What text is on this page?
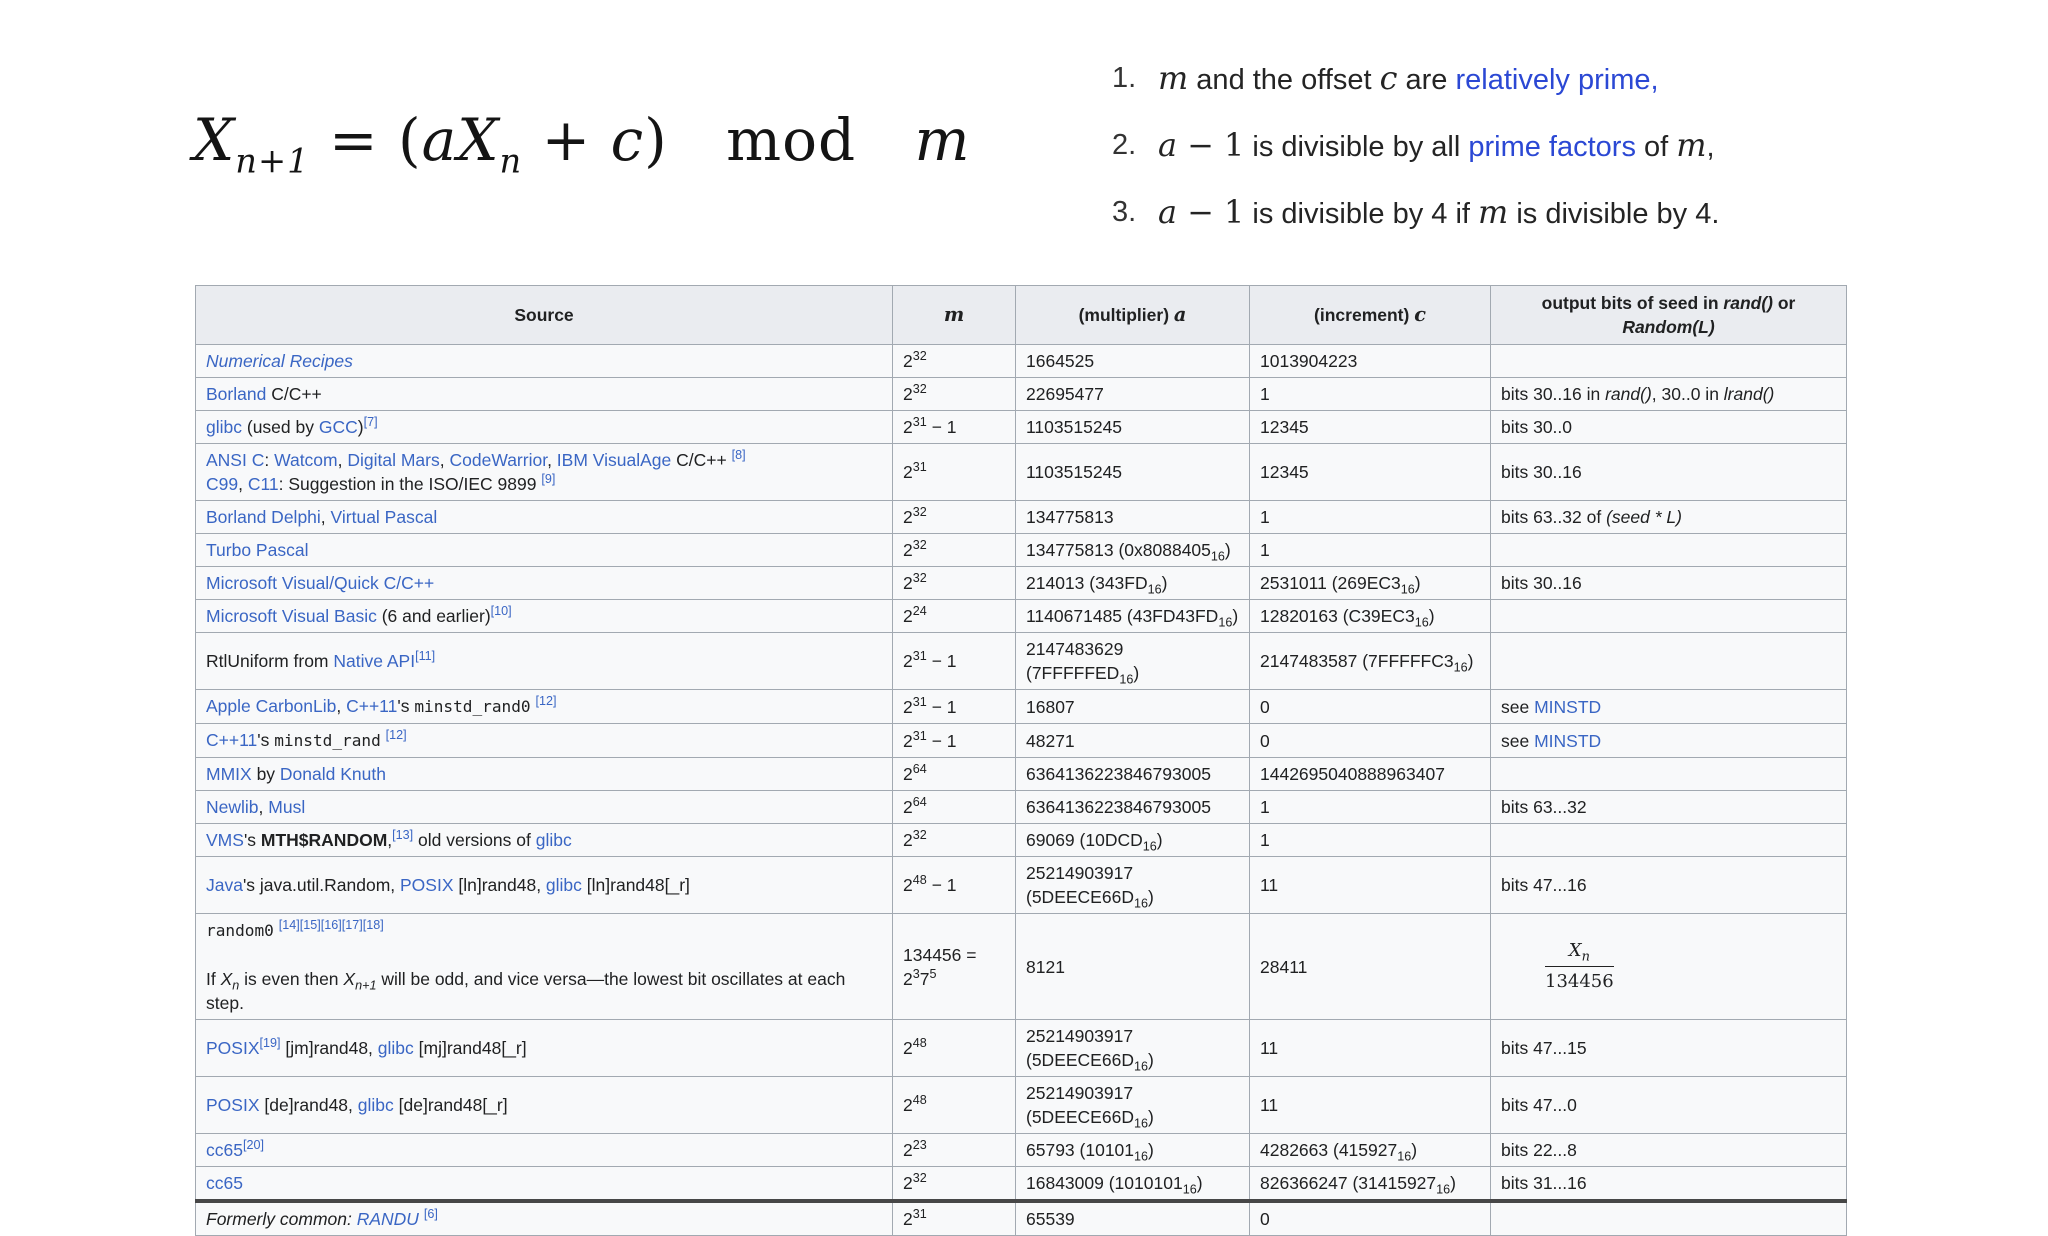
$X_{n+1} = (aX_n + c)$   mod   m
1. m and the offset c are relatively prime,
2. a − 1 is divisible by all prime factors of m,
3. a − 1 is divisible by 4 if m is divisible by 4.
Source	m	(multiplier) a	(increment) c	output bits of seed in rand() or Random(L)
Numerical Recipes	$2^{32}$	1664525	1013904223	
Borland C/C++	$2^{32}$	22695477	1	bits 30..16 in rand(), 30..0 in lrand()
glibc (used by GCC)[7]	$2^{31} - 1$	1103515245	12345	bits 30..0
ANSI C: Watcom, Digital Mars, CodeWarrior, IBM VisualAge C/C++ [8]
C99, C11: Suggestion in the ISO/IEC 9899 [9]	$2^{31}$	1103515245	12345	bits 30..16
Borland Delphi, Virtual Pascal	$2^{32}$	134775813	1	bits 63..32 of (seed * L)
Turbo Pascal	$2^{32}$	134775813 $(0x8088405_{16})$	1	
Microsoft Visual/Quick C/C++	$2^{32}$	214013 $(343FD_{16})$	2531011 $(269EC3_{16})$	bits 30..16
Microsoft Visual Basic (6 and earlier)[10]	$2^{24}$	1140671485 $(43FD43FD_{16})$	12820163 $(C39EC3_{16})$	
RtlUniform from Native API[11]	$2^{31} - 1$	2147483629 $(7FFFFFED_{16})$	2147483587 $(7FFFFFC3_{16})$	
Apple CarbonLib, C++11's minstd_rand0 [12]	$2^{31} - 1$	16807	0	see MINSTD
C++11's minstd_rand [12]	$2^{31} - 1$	48271	0	see MINSTD
MMIX by Donald Knuth	$2^{64}$	6364136223846793005	1442695040888963407	
Newlib, Musl	$2^{64}$	6364136223846793005	1	bits 63...32
VMS's MTH$RANDOM,[13] old versions of glibc	$2^{32}$	69069 $(10DCD_{16})$	1	
Java's java.util.Random, POSIX [ln]rand48, glibc [ln]rand48[_r]	$2^{48} - 1$	25214903917 $(5DEECE66D_{16})$	11	bits 47...16
random0 [14][15][16][17][18]

If $X_n$ is even then $X_{n+1}$ will be odd, and vice versa—the lowest bit oscillates at each step.	$134456 = 2^37^5$	8121	28411	$\frac{X_n}{134456}$

POSIX[19] [jm]rand48, glibc [mj]rand48[_r]	$2^{48}$	25214903917 $(5DEECE66D_{16})$	11	bits 47...15
POSIX [de]rand48, glibc [de]rand48[_r]	$2^{48}$	25214903917 $(5DEECE66D_{16})$	11	bits 47...0
cc65[20]	$2^{23}$	65793 $(10101_{16})$	4282663 $(415927_{16})$	bits 22...8
cc65	$2^{32}$	16843009 $(1010101_{16})$	826366247 $(31415927_{16})$	bits 31...16
Formerly common: RANDU [6]	$2^{31}$	65539	0	
